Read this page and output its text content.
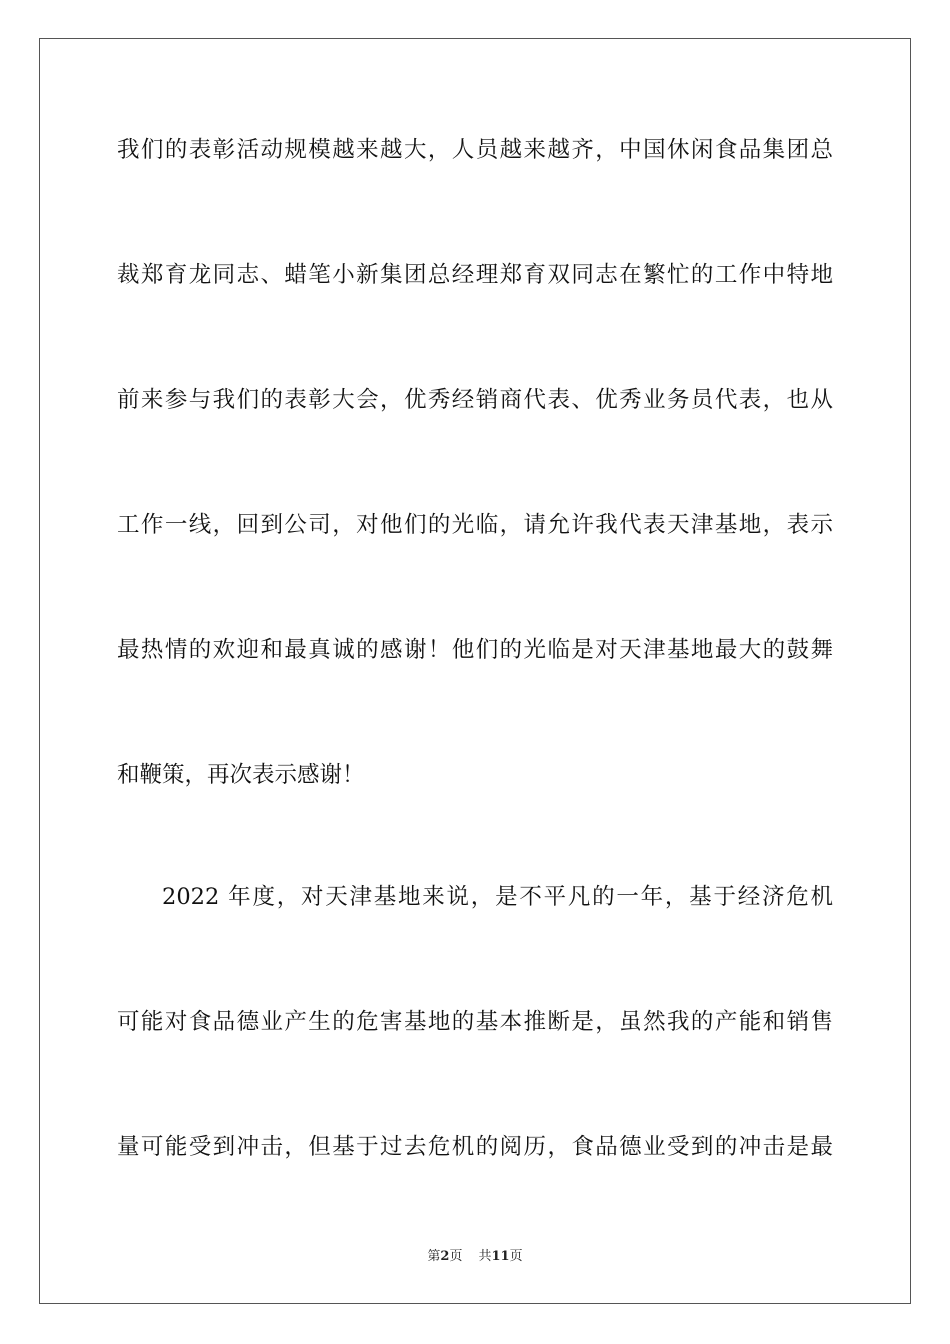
我们的表彰活动规模越来越大，人员越来越齐，中国休闲食品集团总
裁郑育龙同志、蜡笔小新集团总经理郑育双同志在繁忙的工作中特地
前来参与我们的表彰大会，优秀经销商代表、优秀业务员代表，也从
工作一线，回到公司，对他们的光临，请允许我代表天津基地，表示
最热情的欢迎和最真诚的感谢！他们的光临是对天津基地最大的鼓舞
和鞭策，再次表示感谢！
2022 年度，对天津基地来说，是不平凡的一年，基于经济危机
可能对食品德业产生的危害基地的基本推断是，虽然我的产能和销售
量可能受到冲击，但基于过去危机的阅历，食品德业受到的冲击是最
第2页 共11页
